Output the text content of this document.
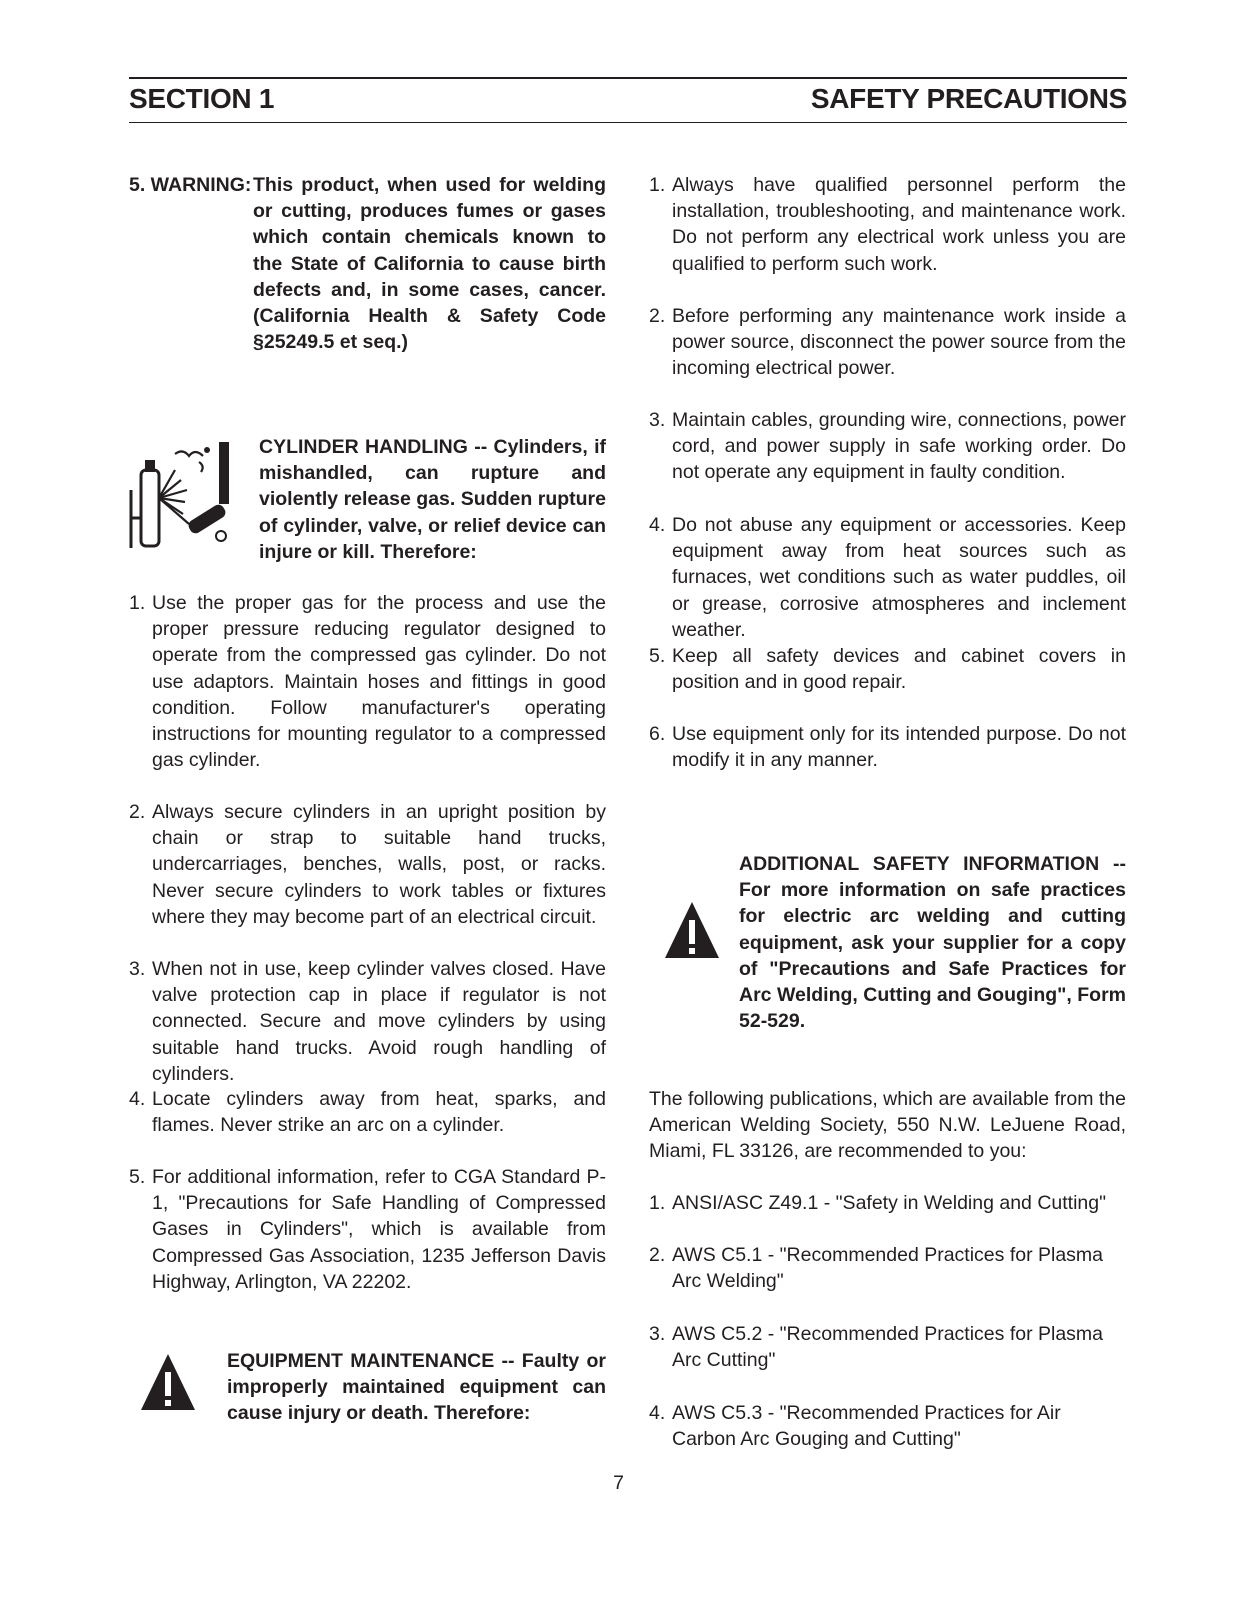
SECTION 1	SAFETY PRECAUTIONS
5. WARNING: This product, when used for welding or cutting, produces fumes or gases which contain chemicals known to the State of California to cause birth defects and, in some cases, cancer. (California Health & Safety Code §25249.5 et seq.)
CYLINDER HANDLING -- Cylinders, if mishandled, can rupture and violently release gas. Sudden rupture of cylinder, valve, or relief device can injure or kill. Therefore:
1. Use the proper gas for the process and use the proper pressure reducing regulator designed to operate from the compressed gas cylinder. Do not use adaptors. Maintain hoses and fittings in good condition. Follow manufacturer's operating instructions for mounting regulator to a compressed gas cylinder.
2. Always secure cylinders in an upright position by chain or strap to suitable hand trucks, undercarriages, benches, walls, post, or racks. Never secure cylinders to work tables or fixtures where they may become part of an electrical circuit.
3. When not in use, keep cylinder valves closed. Have valve protection cap in place if regulator is not connected. Secure and move cylinders by using suitable hand trucks. Avoid rough handling of cylinders.
4. Locate cylinders away from heat, sparks, and flames. Never strike an arc on a cylinder.
5. For additional information, refer to CGA Standard P-1, "Precautions for Safe Handling of Compressed Gases in Cylinders", which is available from Compressed Gas Association, 1235 Jefferson Davis Highway, Arlington, VA 22202.
EQUIPMENT MAINTENANCE -- Faulty or improperly maintained equipment can cause injury or death. Therefore:
1. Always have qualified personnel perform the installation, troubleshooting, and maintenance work. Do not perform any electrical work unless you are qualified to perform such work.
2. Before performing any maintenance work inside a power source, disconnect the power source from the incoming electrical power.
3. Maintain cables, grounding wire, connections, power cord, and power supply in safe working order. Do not operate any equipment in faulty condition.
4. Do not abuse any equipment or accessories. Keep equipment away from heat sources such as furnaces, wet conditions such as water puddles, oil or grease, corrosive atmospheres and inclement weather.
5. Keep all safety devices and cabinet covers in position and in good repair.
6. Use equipment only for its intended purpose. Do not modify it in any manner.
ADDITIONAL SAFETY INFORMATION -- For more information on safe practices for electric arc welding and cutting equipment, ask your supplier for a copy of "Precautions and Safe Practices for Arc Welding, Cutting and Gouging", Form 52-529.
The following publications, which are available from the American Welding Society, 550 N.W. LeJuene Road, Miami, FL 33126, are recommended to you:
1. ANSI/ASC Z49.1 - "Safety in Welding and Cutting"
2. AWS C5.1 - "Recommended Practices for Plasma Arc Welding"
3. AWS C5.2 - "Recommended Practices for Plasma Arc Cutting"
4. AWS C5.3 - "Recommended Practices for Air Carbon Arc Gouging and Cutting"
7
